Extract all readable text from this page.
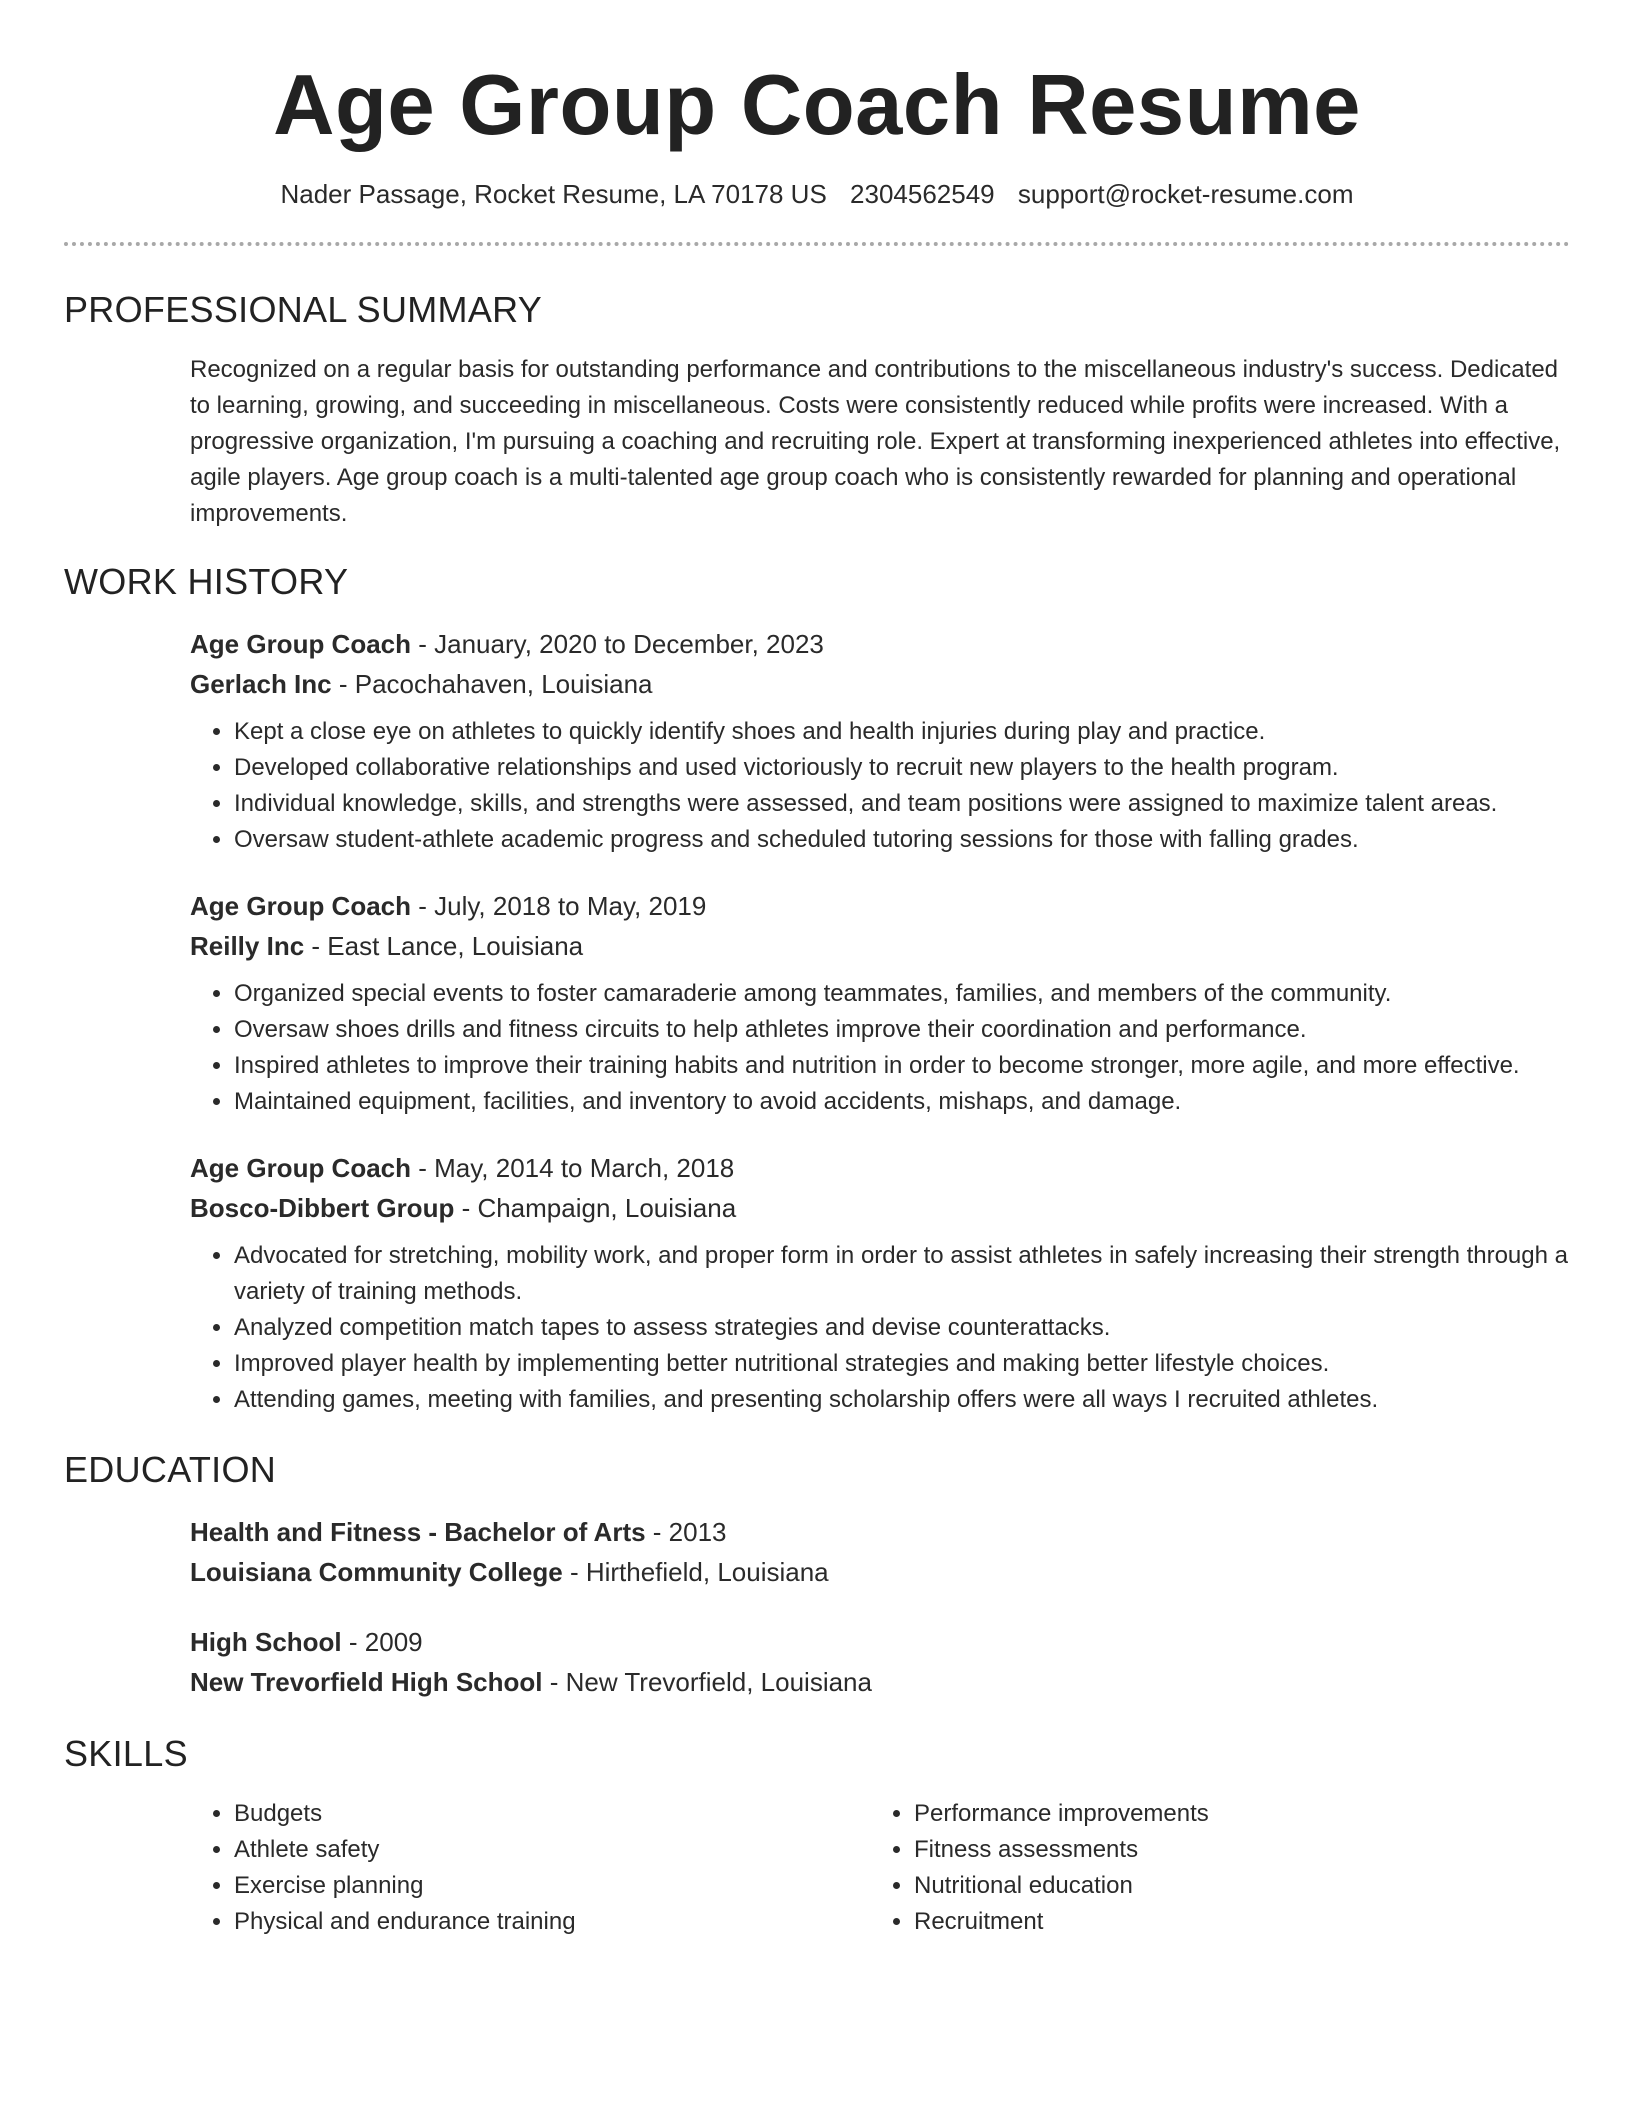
Age Group Coach Resume
Nader Passage, Rocket Resume, LA 70178 US 2304562549 support@rocket-resume.com
PROFESSIONAL SUMMARY

Recognized on a regular basis for outstanding performance and contributions to the miscellaneous industry's success. Dedicated to learning, growing, and succeeding in miscellaneous. Costs were consistently reduced while profits were increased. With a progressive organization, I'm pursuing a coaching and recruiting role. Expert at transforming inexperienced athletes into effective, agile players. Age group coach is a multi-talented age group coach who is consistently rewarded for planning and operational improvements.

WORK HISTORY

Age Group Coach - January, 2020 to December, 2023

Gerlach Inc - Pacochahaven, Louisiana

• Kept a close eye on athletes to quickly identify shoes and health injuries during play and practice.
• Developed collaborative relationships and used victoriously to recruit new players to the health program.
• Individual knowledge, skills, and strengths were assessed, and team positions were assigned to maximize talent areas.
• Oversaw student-athlete academic progress and scheduled tutoring sessions for those with falling grades.

Age Group Coach - July, 2018 to May, 2019

Reilly Inc - East Lance, Louisiana

• Organized special events to foster camaraderie among teammates, families, and members of the community.
• Oversaw shoes drills and fitness circuits to help athletes improve their coordination and performance.
• Inspired athletes to improve their training habits and nutrition in order to become stronger, more agile, and more effective.
• Maintained equipment, facilities, and inventory to avoid accidents, mishaps, and damage.

Age Group Coach - May, 2014 to March, 2018

Bosco-Dibbert Group - Champaign, Louisiana

• Advocated for stretching, mobility work, and proper form in order to assist athletes in safely increasing their strength through a variety of training methods.
• Analyzed competition match tapes to assess strategies and devise counterattacks.
• Improved player health by implementing better nutritional strategies and making better lifestyle choices.
• Attending games, meeting with families, and presenting scholarship offers were all ways I recruited athletes.
EDUCATION

Health and Fitness - Bachelor of Arts - 2013

Louisiana Community College - Hirthefield, Louisiana

High School - 2009

New Trevorfield High School - New Trevorfield, Louisiana

SKILLS
• Budgets
• Athlete safety
• Exercise planning
• Physical and endurance training
• Performance improvements
• Fitness assessments
• Nutritional education
• Recruitment
